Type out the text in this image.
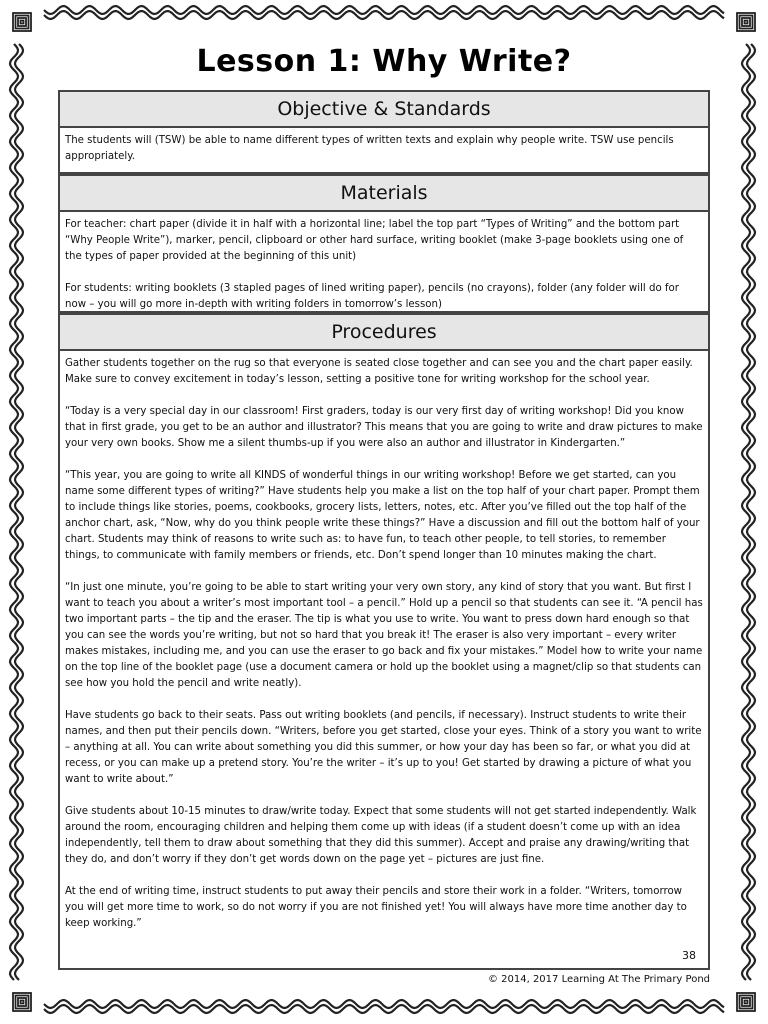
Lesson 1: Why Write?
Objective & Standards

The students will (TSW) be able to name different types of written texts and explain why people write. TSW use pencils appropriately.

Materials

For teacher: chart paper (divide it in half with a horizontal line; label the top part “Types of Writing” and the bottom part “Why People Write”), marker, pencil, clipboard or other hard surface, writing booklet (make 3-page booklets using one of the types of paper provided at the beginning of this unit)

For students: writing booklets (3 stapled pages of lined writing paper), pencils (no crayons), folder (any folder will do for now – you will go more in-depth with writing folders in tomorrow’s lesson)

Procedures

Gather students together on the rug so that everyone is seated close together and can see you and the chart paper easily. Make sure to convey excitement in today’s lesson, setting a positive tone for writing workshop for the school year.

“Today is a very special day in our classroom! First graders, today is our very first day of writing workshop! Did you know that in first grade, you get to be an author and illustrator? This means that you are going to write and draw pictures to make your very own books. Show me a silent thumbs-up if you were also an author and illustrator in Kindergarten.”

“This year, you are going to write all KINDS of wonderful things in our writing workshop! Before we get started, can you name some different types of writing?” Have students help you make a list on the top half of your chart paper. Prompt them to include things like stories, poems, cookbooks, grocery lists, letters, notes, etc. After you’ve filled out the top half of the anchor chart, ask, “Now, why do you think people write these things?” Have a discussion and fill out the bottom half of your chart. Students may think of reasons to write such as: to have fun, to teach other people, to tell stories, to remember things, to communicate with family members or friends, etc. Don’t spend longer than 10 minutes making the chart.

“In just one minute, you’re going to be able to start writing your very own story, any kind of story that you want. But first I want to teach you about a writer’s most important tool – a pencil.” Hold up a pencil so that students can see it. “A pencil has two important parts – the tip and the eraser. The tip is what you use to write. You want to press down hard enough so that you can see the words you’re writing, but not so hard that you break it! The eraser is also very important – every writer makes mistakes, including me, and you can use the eraser to go back and fix your mistakes.” Model how to write your name on the top line of the booklet page (use a document camera or hold up the booklet using a magnet/clip so that students can see how you hold the pencil and write neatly).

Have students go back to their seats. Pass out writing booklets (and pencils, if necessary). Instruct students to write their names, and then put their pencils down. “Writers, before you get started, close your eyes. Think of a story you want to write – anything at all. You can write about something you did this summer, or how your day has been so far, or what you did at recess, or you can make up a pretend story. You’re the writer – it’s up to you! Get started by drawing a picture of what you want to write about.”

Give students about 10-15 minutes to draw/write today. Expect that some students will not get started independently. Walk around the room, encouraging children and helping them come up with ideas (if a student doesn’t come up with an idea independently, tell them to draw about something that they did this summer). Accept and praise any drawing/writing that they do, and don’t worry if they don’t get words down on the page yet – pictures are just fine.

At the end of writing time, instruct students to put away their pencils and store their work in a folder. “Writers, tomorrow you will get more time to work, so do not worry if you are not finished yet! You will always have more time another day to keep working.”

38
© 2014, 2017 Learning At The Primary Pond
